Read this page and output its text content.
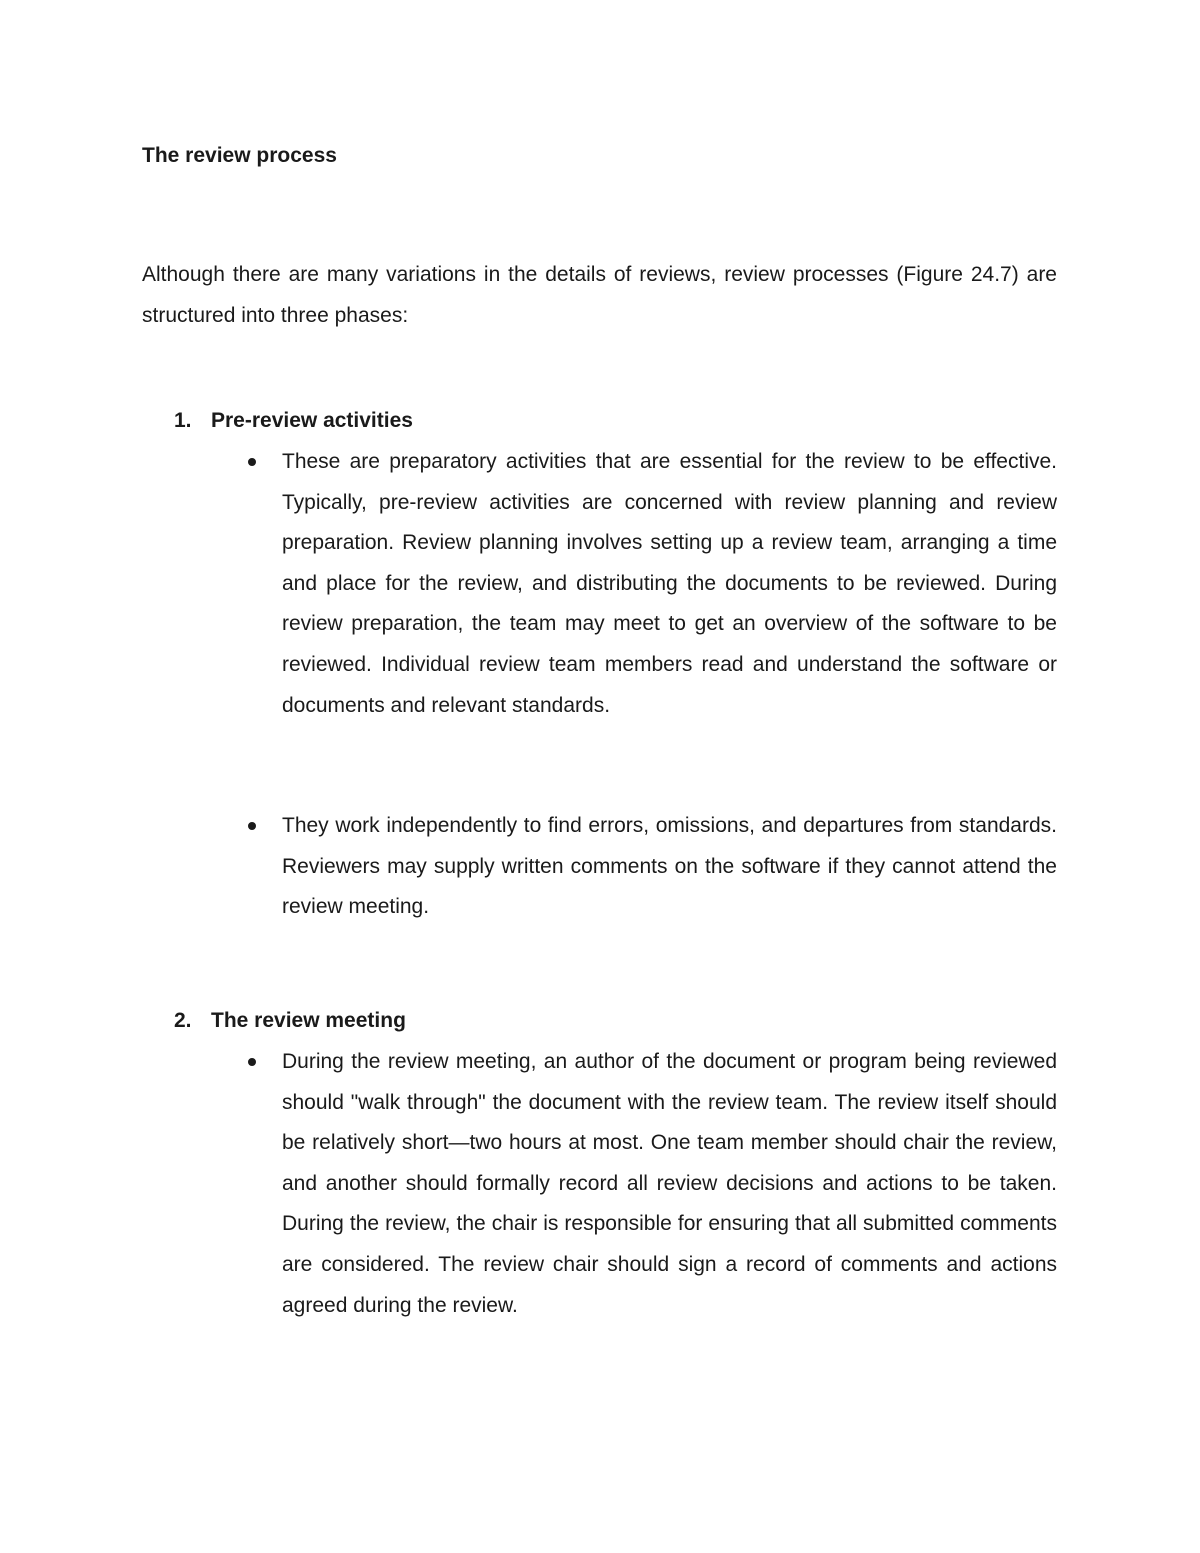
The review process

Although there are many variations in the details of reviews, review processes (Figure 24.7) are structured into three phases:

1. Pre-review activities

These are preparatory activities that are essential for the review to be effective. Typically, pre-review activities are concerned with review planning and review preparation. Review planning involves setting up a review team, arranging a time and place for the review, and distributing the documents to be reviewed. During review preparation, the team may meet to get an overview of the software to be reviewed. Individual review team members read and understand the software or documents and relevant standards.

They work independently to find errors, omissions, and departures from standards. Reviewers may supply written comments on the software if they cannot attend the review meeting.

2. The review meeting

During the review meeting, an author of the document or program being reviewed should "walk through" the document with the review team. The review itself should be relatively short—two hours at most. One team member should chair the review, and another should formally record all review decisions and actions to be taken. During the review, the chair is responsible for ensuring that all submitted comments are considered. The review chair should sign a record of comments and actions agreed during the review.
